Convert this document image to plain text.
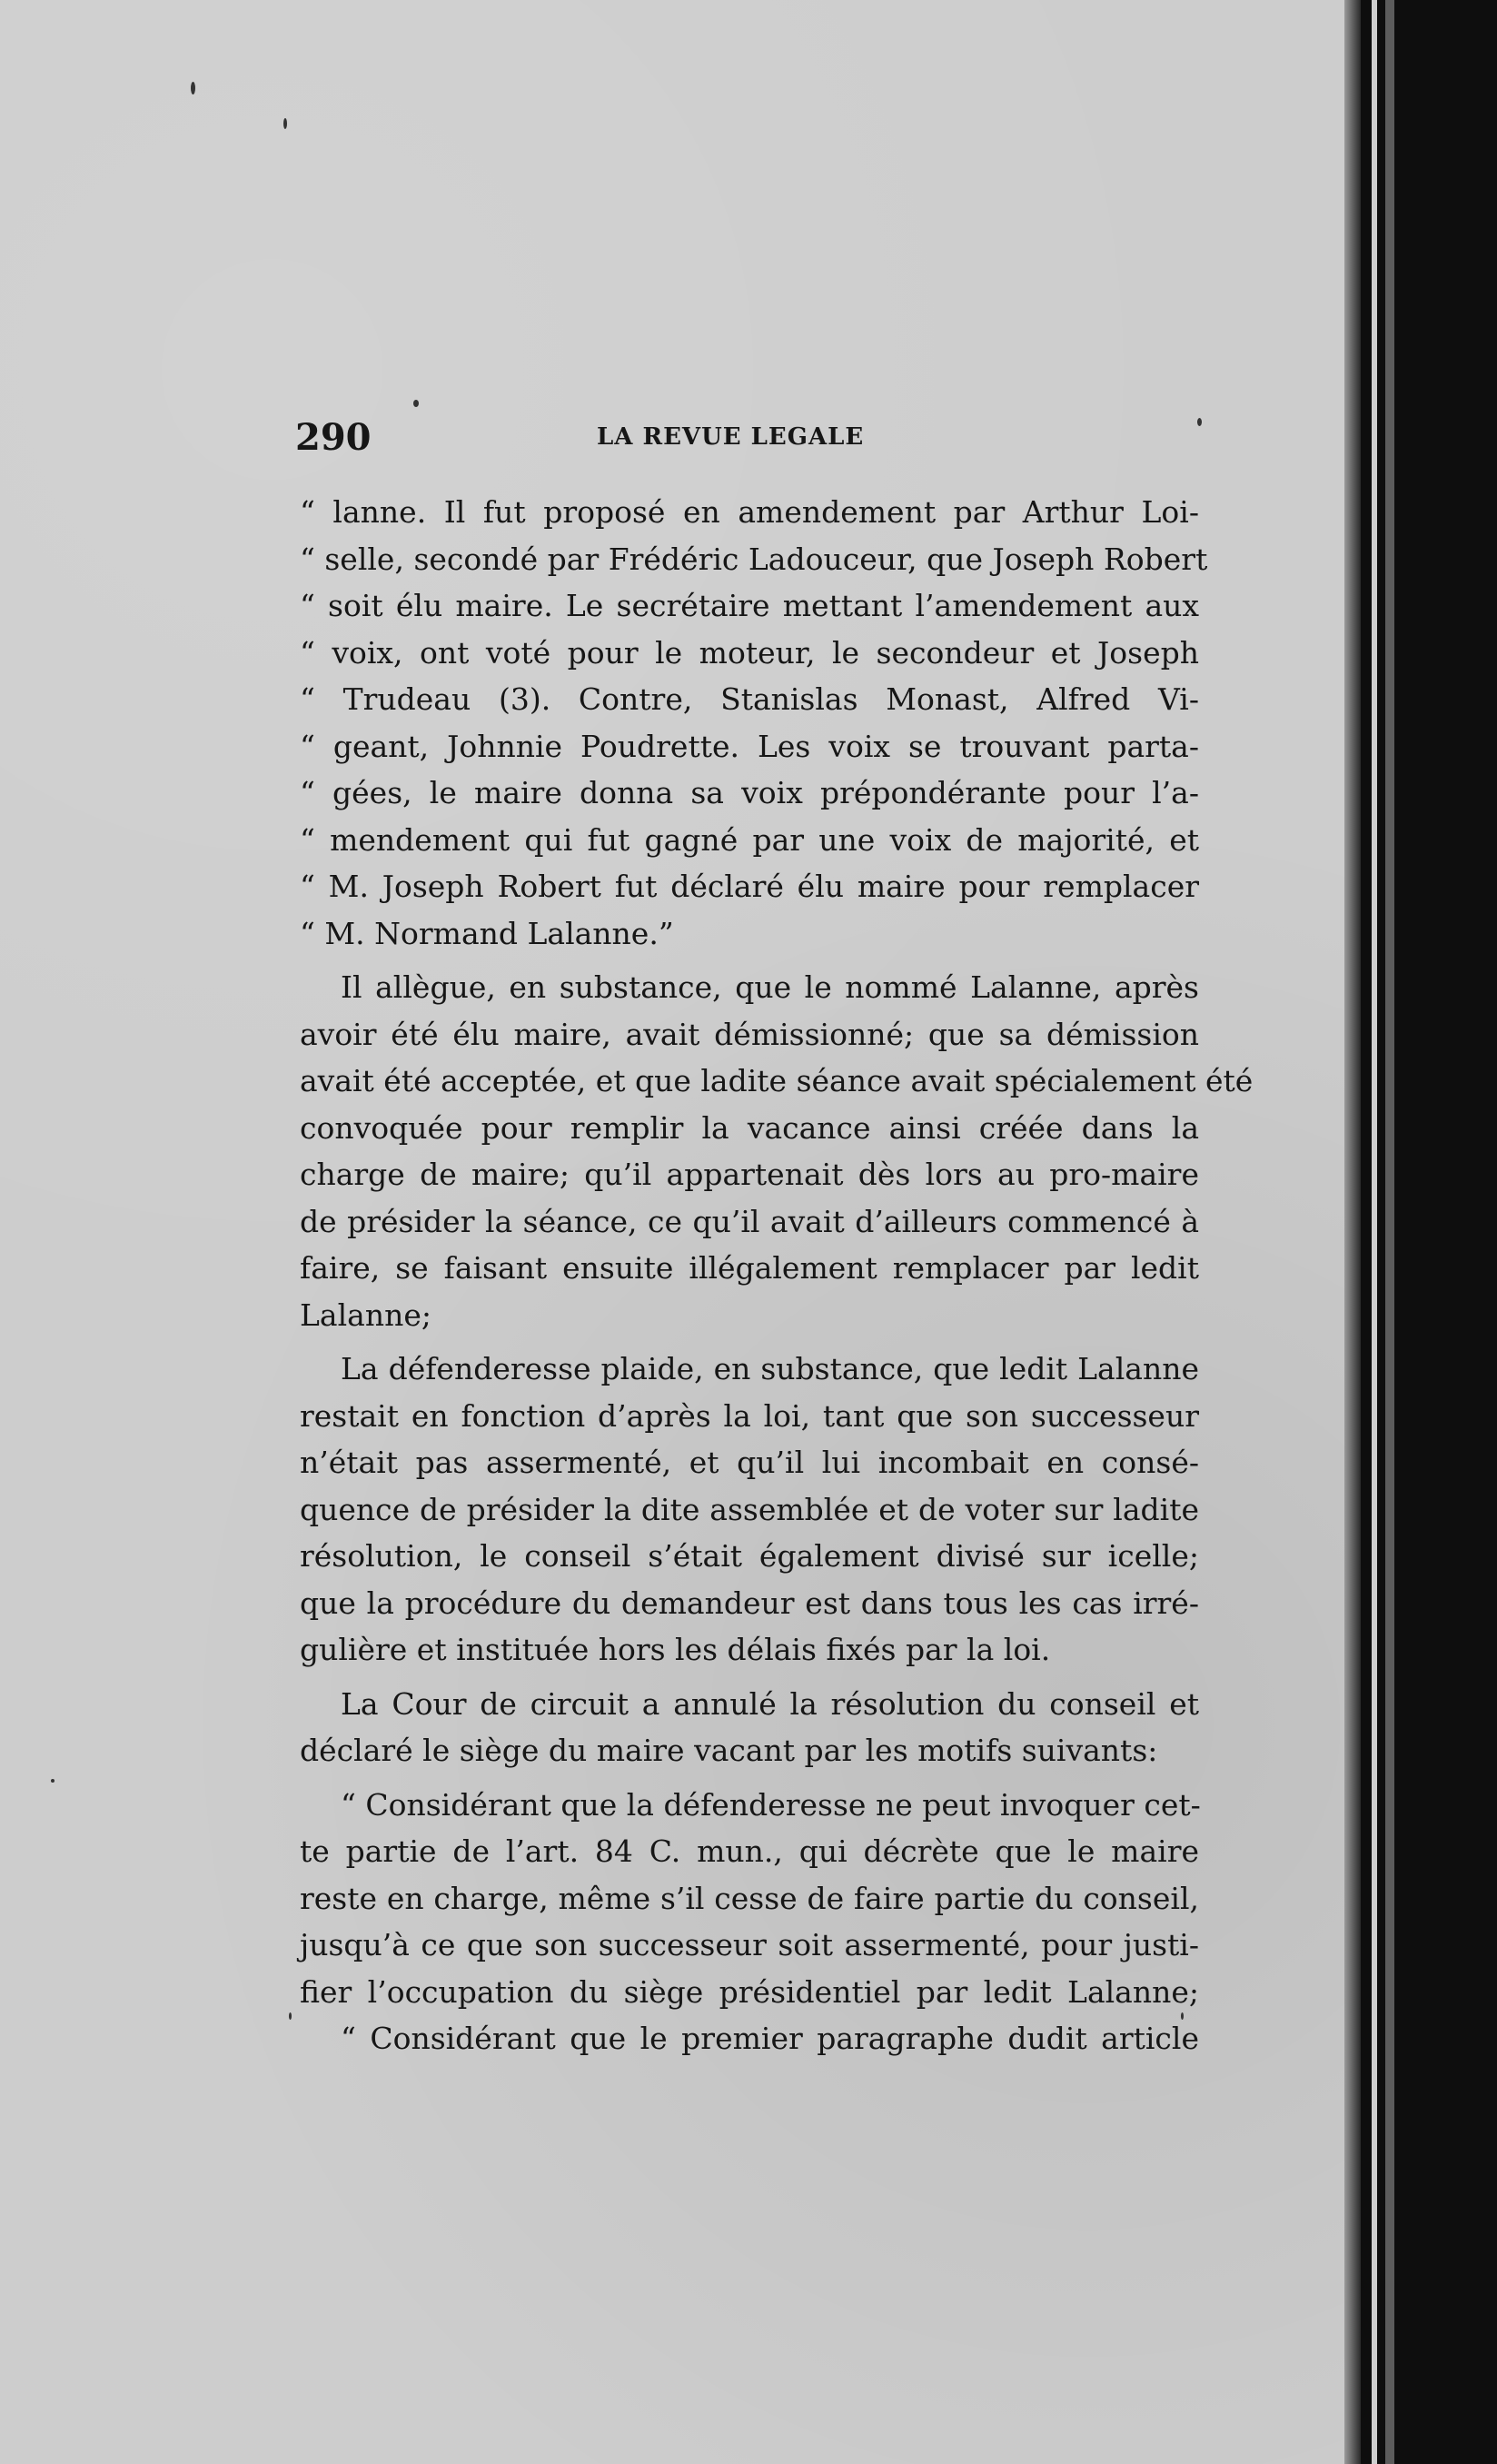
290	LA REVUE LEGALE
“ lanne. Il fut proposé en amendement par Arthur Loi-
“ selle, secondé par Frédéric Ladouceur, que Joseph Robert
“ soit élu maire. Le secrétaire mettant l’amendement aux
“ voix, ont voté pour le moteur, le secondeur et Joseph
“ Trudeau (3). Contre, Stanislas Monast, Alfred Vi-
“ geant, Johnnie Poudrette. Les voix se trouvant parta-
“ gées, le maire donna sa voix prépondérante pour l’a-
“ mendement qui fut gagné par une voix de majorité, et
“ M. Joseph Robert fut déclaré élu maire pour remplacer
“ M. Normand Lalanne.”
Il allègue, en substance, que le nommé Lalanne, après
avoir été élu maire, avait démissionné; que sa démission
avait été acceptée, et que ladite séance avait spécialement été
convoquée pour remplir la vacance ainsi créée dans la
charge de maire; qu’il appartenait dès lors au pro-maire
de présider la séance, ce qu’il avait d’ailleurs commencé à
faire, se faisant ensuite illégalement remplacer par ledit
Lalanne;
La défenderesse plaide, en substance, que ledit Lalanne
restait en fonction d’après la loi, tant que son successeur
n’était pas assermenté, et qu’il lui incombait en consé-
quence de présider la dite assemblée et de voter sur ladite
résolution, le conseil s’était également divisé sur icelle;
que la procédure du demandeur est dans tous les cas irré-
gulière et instituée hors les délais fixés par la loi.
La Cour de circuit a annulé la résolution du conseil et
déclaré le siège du maire vacant par les motifs suivants:
“ Considérant que la défenderesse ne peut invoquer cet-
te partie de l’art. 84 C. mun., qui décrète que le maire
reste en charge, même s’il cesse de faire partie du conseil,
jusqu’à ce que son successeur soit assermenté, pour justi-
fier l’occupation du siège présidentiel par ledit Lalanne;
“ Considérant que le premier paragraphe dudit article
